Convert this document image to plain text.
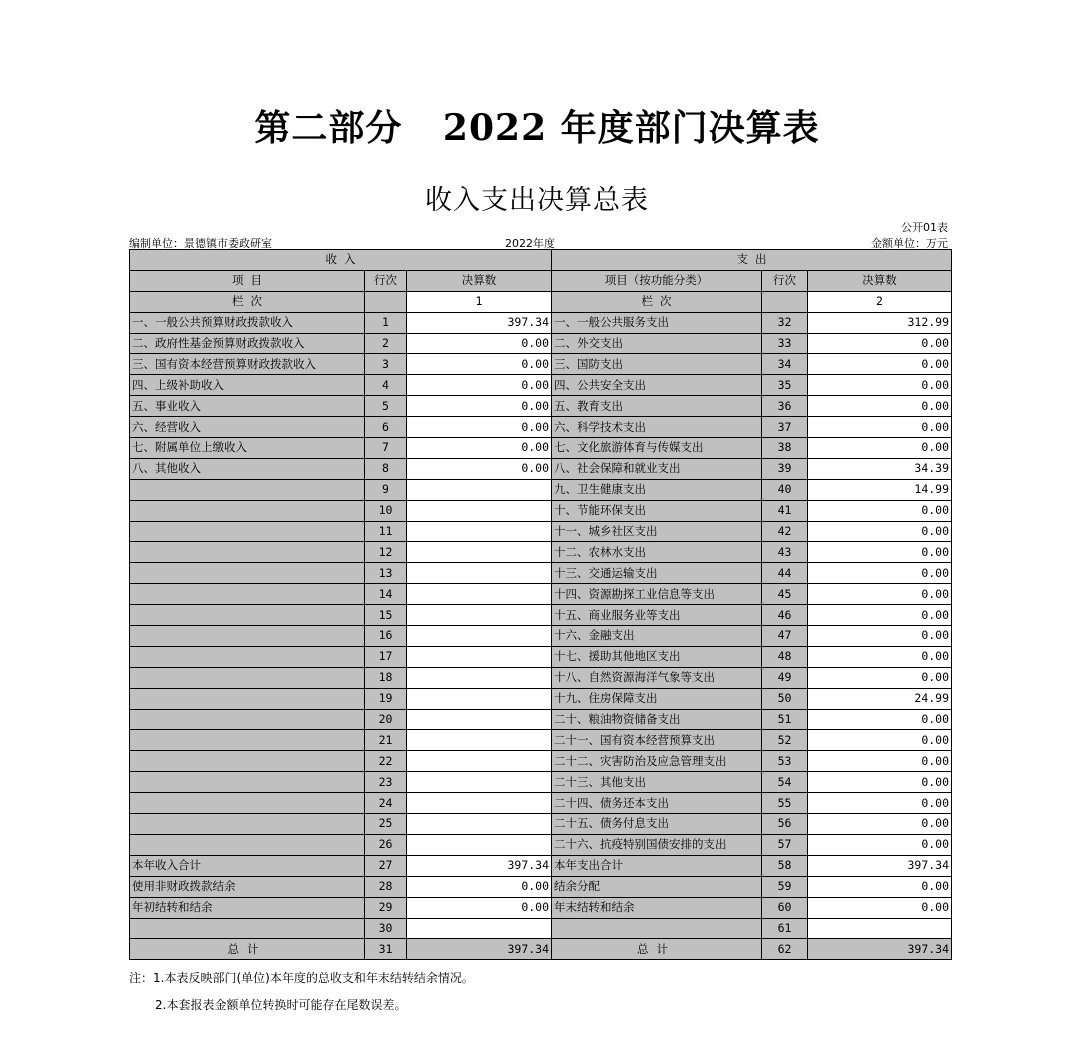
第二部分   2022 年度部门决算表
收入支出决算总表
公开01表
编制单位：景德镇市委政研室	2022年度	金额单位：万元
收 入			支 出		
项 目	行次	决算数	项目（按功能分类）	行次	决算数
栏 次		1	栏 次		2
一、一般公共预算财政拨款收入	1	397.34	一、一般公共服务支出	32	312.99
二、政府性基金预算财政拨款收入	2	0.00	二、外交支出	33	0.00
三、国有资本经营预算财政拨款收入	3	0.00	三、国防支出	34	0.00
四、上级补助收入	4	0.00	四、公共安全支出	35	0.00
五、事业收入	5	0.00	五、教育支出	36	0.00
六、经营收入	6	0.00	六、科学技术支出	37	0.00
七、附属单位上缴收入	7	0.00	七、文化旅游体育与传媒支出	38	0.00
八、其他收入	8	0.00	八、社会保障和就业支出	39	34.39
	9		九、卫生健康支出	40	14.99
	10		十、节能环保支出	41	0.00
	11		十一、城乡社区支出	42	0.00
	12		十二、农林水支出	43	0.00
	13		十三、交通运输支出	44	0.00
	14		十四、资源勘探工业信息等支出	45	0.00
	15		十五、商业服务业等支出	46	0.00
	16		十六、金融支出	47	0.00
	17		十七、援助其他地区支出	48	0.00
	18		十八、自然资源海洋气象等支出	49	0.00
	19		十九、住房保障支出	50	24.99
	20		二十、粮油物资储备支出	51	0.00
	21		二十一、国有资本经营预算支出	52	0.00
	22		二十二、灾害防治及应急管理支出	53	0.00
	23		二十三、其他支出	54	0.00
	24		二十四、债务还本支出	55	0.00
	25		二十五、债务付息支出	56	0.00
	26		二十六、抗疫特别国债安排的支出	57	0.00
本年收入合计	27	397.34	本年支出合计	58	397.34
使用非财政拨款结余	28	0.00	结余分配	59	0.00
年初结转和结余	29	0.00	年末结转和结余	60	0.00
	30			61	
总计	31	397.34	总计	62	397.34
注：1.本表反映部门(单位)本年度的总收支和年末结转结余情况。
2.本套报表金额单位转换时可能存在尾数误差。
